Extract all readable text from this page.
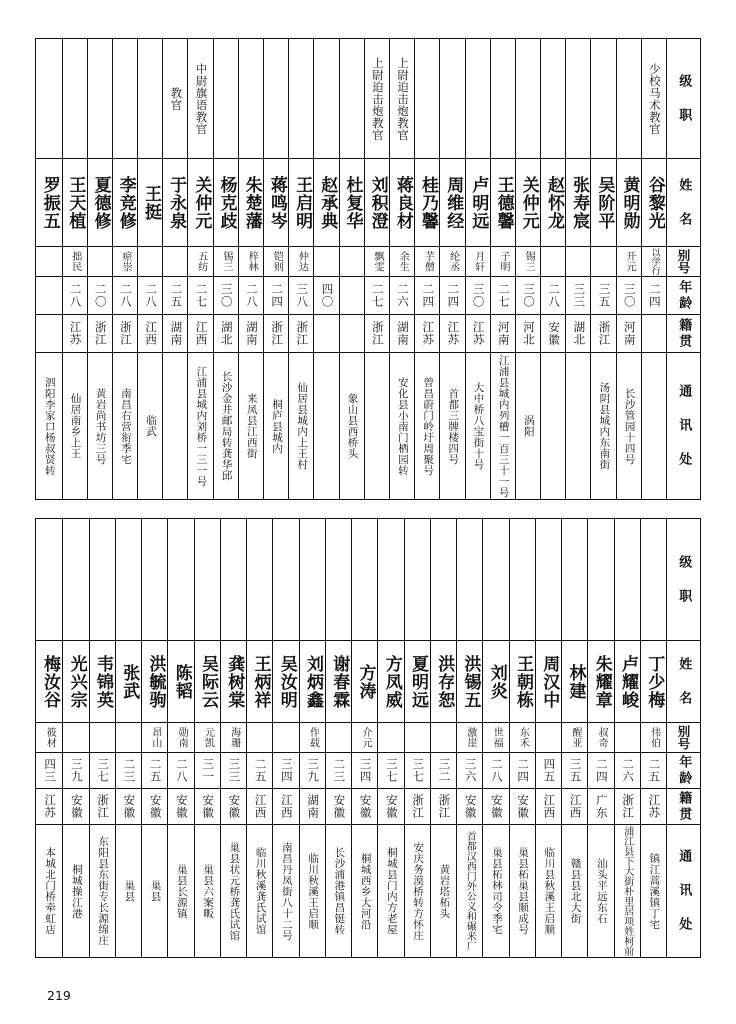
级 职
姓 名
别号
年龄
籍贯
通 讯 处
少校马术教官
谷黎光
以学行
二四
黄明勋
开元
三〇
河南
长沙管园十四号
吴阶平
三五
浙江
汤阴县城内东南街
张寿宸
三三
湖北
赵怀龙
二八
安徽
关仲元
锡三
三〇
河北
涡阳
王德馨
子明
二七
河南
江浦县城内列槽一百三十一号
卢明远
月轩
三〇
江苏
大中桥八宝街十号
周维经
纶丞
二四
江苏
首都三牌楼四号
桂乃馨
芋僧
二四
江苏
曾昌蔚门岭圩周聚号
上尉迫击炮教官
蒋良材
余生
二六
湖南
安化县小南门栖园转
上尉迫击炮教官
刘积澄
飘雯
二七
浙江
杜复华
象山县西桥头
赵承典
四〇
王启明
仲达
三八
浙江
仙居县城内上王村
蒋鸣岑
铠则
二四
浙江
桐庐县城内
朱楚藩
梓林
二八
湖南
来凤县江西街
杨克歧
锡三
三〇
湖北
长沙金井邮局转龚华邱
中尉旗语教官
关仲元
五纺
二七
江西
江浦县城内刘桥一三一号
教官
于永泉
二五
湖南
王挺
二八
江西
临武
李竞修
瘀崇
二八
浙江
南昌右营衔季宅
夏德修
二〇
浙江
黄岩尚书坊三号
王天植
拙民
二八
江苏
仙居南乡上王
罗振五
泗阳李家口杨叔贤转
级 职
姓 名
别号
年龄
籍贯
通 讯 处
丁少梅
伟伯
二五
江苏
镇江蒿溪镇丁宅
卢耀峻
二六
浙江
浦江县下大街朴里居项姓柯前
朱耀章
叔奇
二四
广东
汕头平远东石
林建
醒亚
三五
江西
赣县县北大街
周汉中
四五
江西
临川县秋溪王启顺
王朝栋
东禾
二四
安徽
巢县柘巢县顺成号
刘炎
世福
二八
安徽
巢县柘林司令季宅
洪锡五
激崖
三六
安徽
首都汉西门外公义和碾米厂
洪存恕
三二
浙江
黄岩塔柘头
夏明远
三七
浙江
安庆务漠桥转方怀庄
方凤威
三七
安徽
桐城县门内方老屋
方涛
介元
三四
安徽
桐城西乡大河沿
谢春霖
二三
安徽
长沙浦港镇昌铤转
刘炳鑫
作载
三九
湖南
临川秋溪王启顺
吴汝明
三四
江西
南昌丹凤街八十二号
王炳祥
二五
江西
临川秋溪龚氏试馆
龚树棠
海珊
三三
安徽
巢县状元桥龚氏试馆
吴际云
元凯
三一
安徽
巢县六案畈
陈韬
勋南
二八
安徽
巢县长源镇
洪毓驹
昂山
二五
安徽
巢县
张武
二三
安徽
巢县
韦锦英
三七
浙江
东阳县东街专长源绵庄
光兴宗
三九
安徽
桐城操江港
梅汝谷
筱材
四三
江苏
本城北门桥牵虹店
219
